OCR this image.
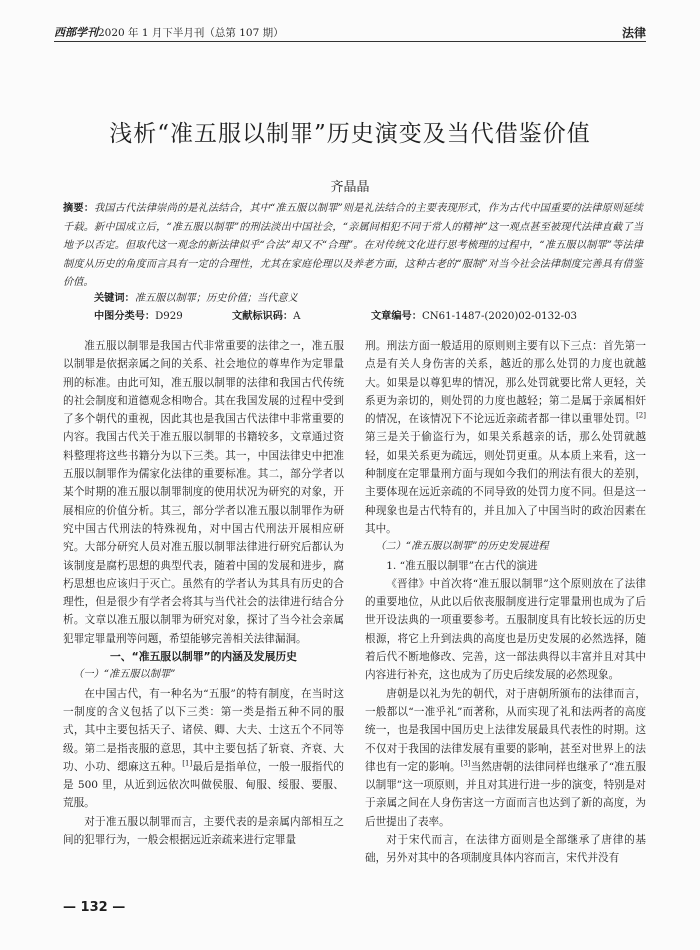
西部学刊2020 年 1 月下半月刊（总第 107 期）	法律
浅析“准五服以制罪”历史演变及当代借鉴价值
齐晶晶
摘要：我国古代法律崇尚的是礼法结合，其中“准五服以制罪”则是礼法结合的主要表现形式，作为古代中国重要的法律原则延续千载。新中国成立后，“准五服以制罪”的刑法淡出中国社会，“亲属间相犯不同于常人的精神”这一观点甚至被现代法律直截了当地予以否定。但取代这一观念的新法律似乎“合法”却又不“合理”。在对传统文化进行思考梳理的过程中，“准五服以制罪”等法律制度从历史的角度而言具有一定的合理性，尤其在家庭伦理以及养老方面，这种古老的“服制”对当今社会法律制度完善具有借鉴价值。
关键词：准五服以制罪；历史价值；当代意义
中图分类号：D929	文献标识码：A	文章编号：CN61-1487-(2020)02-0132-03

准五服以制罪是我国古代非常重要的法律之一，准五服以制罪是依据亲属之间的关系、社会地位的尊卑作为定罪量刑的标准。由此可知，准五服以制罪的法律和我国古代传统的社会制度和道德观念相吻合。其在我国发展的过程中受到了多个朝代的重视，因此其也是我国古代法律中非常重要的内容。我国古代关于准五服以制罪的书籍较多，文章通过资料整理将这些书籍分为以下三类。其一，中国法律史中把准五服以制罪作为儒家化法律的重要标准。其二，部分学者以某个时期的准五服以制罪制度的使用状况为研究的对象，开展相应的价值分析。其三，部分学者以准五服以制罪作为研究中国古代刑法的特殊视角，对中国古代刑法开展相应研究。大部分研究人员对准五服以制罪法律进行研究后都认为该制度是腐朽思想的典型代表，随着中国的发展和进步，腐朽思想也应该归于灭亡。虽然有的学者认为其具有历史的合理性，但是很少有学者会将其与当代社会的法律进行结合分析。文章以准五服以制罪为研究对象，探讨了当今社会亲属犯罪定罪量刑等问题，希望能够完善相关法律漏洞。

一、“准五服以制罪”的内涵及发展历史
（一）“准五服以制罪”

在中国古代，有一种名为“五服”的特有制度，在当时这一制度的含义包括了以下三类：第一类是指五种不同的服式，其中主要包括天子、诸侯、卿、大夫、士这五个不同等级。第二是指丧服的意思，其中主要包括了斩衰、齐衰、大功、小功、缌麻这五种。[1]最后是指单位，一般一服指代的是 500 里，从近到远依次叫做侯服、甸服、绥服、要服、荒服。

对于准五服以制罪而言，主要代表的是亲属内部相互之间的犯罪行为，一般会根据远近亲疏来进行定罪量

刑。刑法方面一般适用的原则则主要有以下三点：首先第一点是有关人身伤害的关系，越近的那么处罚的力度也就越大。如果是以尊犯卑的情况，那么处罚就要比常人更轻，关系更为亲切的，则处罚的力度也越轻；第二是属于亲属相奸的情况，在该情况下不论远近亲疏者都一律以重罪处罚。[2]第三是关于偷盗行为，如果关系越亲的话，那么处罚就越轻，如果关系更为疏远，则处罚更重。从本质上来看，这一种制度在定罪量刑方面与现如今我们的刑法有很大的差别，主要体现在远近亲疏的不同导致的处罚力度不同。但是这一种现象也是古代特有的，并且加入了中国当时的政治因素在其中。

（二）“准五服以制罪”的历史发展进程
1. “准五服以制罪”在古代的演进

《晋律》中首次将“准五服以制罪”这个原则放在了法律的重要地位，从此以后依丧服制度进行定罪量刑也成为了后世开设法典的一项重要参考。五服制度具有比较长远的历史根源，将它上升到法典的高度也是历史发展的必然选择，随着后代不断地修改、完善，这一部法典得以丰富并且对其中内容进行补充，这也成为了历史后续发展的必然现象。

唐朝是以礼为先的朝代，对于唐朝所颁布的法律而言，一般都以“一准乎礼”而著称，从而实现了礼和法两者的高度统一，也是我国中国历史上法律发展最具代表性的时期。这不仅对于我国的法律发展有重要的影响，甚至对世界上的法律也有一定的影响。[3]当然唐朝的法律同样也继承了“准五服以制罪”这一项原则，并且对其进行进一步的演变，特别是对于亲属之间在人身伤害这一方面而言也达到了新的高度，为后世提出了表率。

对于宋代而言，在法律方面则是全部继承了唐律的基础，另外对其中的各项制度具体内容而言，宋代并没有

— 132 —
